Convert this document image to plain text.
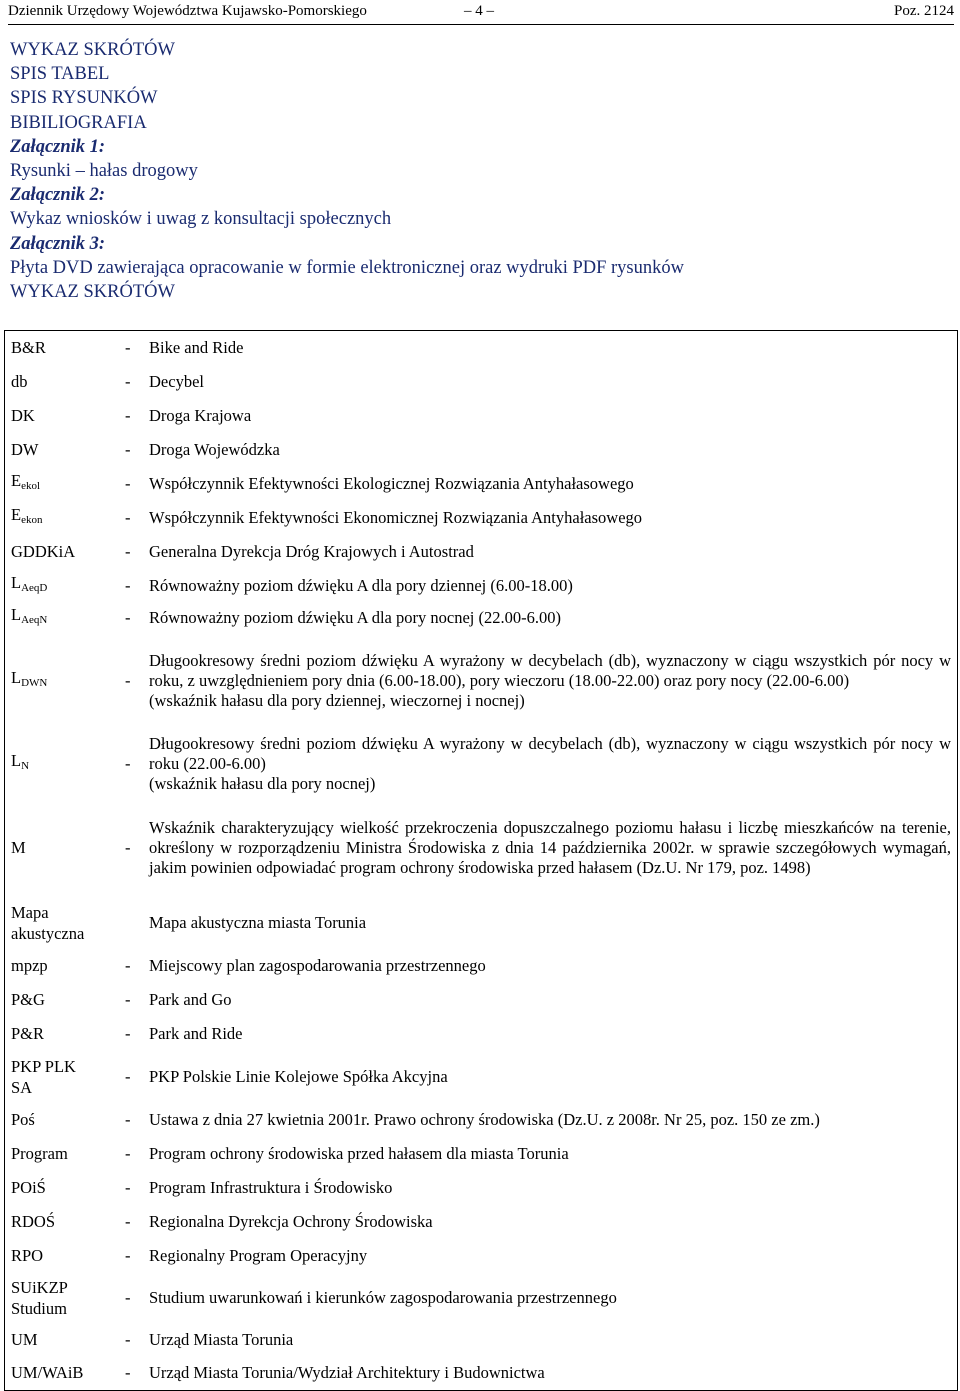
Dziennik Urzędowy Województwa Kujawsko-Pomorskiego	– 4 –	Poz. 2124
WYKAZ SKRÓTÓW
SPIS TABEL
SPIS RYSUNKÓW
BIBILIOGRAFIA
Załącznik 1:
Rysunki – hałas drogowy
Załącznik 2:
Wykaz wniosków i uwag z konsultacji społecznych
Załącznik 3:
Płyta DVD zawierająca opracowanie w formie elektronicznej oraz wydruki PDF rysunków
WYKAZ SKRÓTÓW
B&R	-	Bike and Ride

db	-	Decybel

DK	-	Droga Krajowa

DW	-	Droga Wojewódzka

$E_{ekol}$	-	Współczynnik Efektywności Ekologicznej Rozwiązania Antyhałasowego

$E_{ekon}$	-	Współczynnik Efektywności Ekonomicznej Rozwiązania Antyhałasowego

GDDKiA	-	Generalna Dyrekcja Dróg Krajowych i Autostrad

$L_{AeqD}$	-	Równoważny poziom dźwięku A dla pory dziennej (6.00-18.00)

$L_{AeqN}$	-	Równoważny poziom dźwięku A dla pory nocnej (22.00-6.00)

$L_{DWN}$	-	Długookresowy średni poziom dźwięku A wyrażony w decybelach (db), wyznaczony w ciągu wszystkich pór nocy w roku, z uwzględnieniem pory dnia (6.00-18.00), pory wieczoru (18.00-22.00) oraz pory nocy (22.00-6.00)
(wskaźnik hałasu dla pory dziennej, wieczornej i nocnej)

$L_N$	-	Długookresowy średni poziom dźwięku A wyrażony w decybelach (db), wyznaczony w ciągu wszystkich pór nocy w roku (22.00-6.00)
(wskaźnik hałasu dla pory nocnej)

M	-	Wskaźnik charakteryzujący wielkość przekroczenia dopuszczalnego poziomu hałasu i liczbę mieszkańców na terenie, określony w rozporządzeniu Ministra Środowiska z dnia 14 października 2002r. w sprawie szczegółowych wymagań, jakim powinien odpowiadać program ochrony środowiska przed hałasem (Dz.U. Nr 179, poz. 1498)

Mapa akustyczna		Mapa akustyczna miasta Torunia

mpzp	-	Miejscowy plan zagospodarowania przestrzennego

P&G	-	Park and Go

P&R	-	Park and Ride

PKP PLK SA	-	PKP Polskie Linie Kolejowe Spółka Akcyjna

Poś	-	Ustawa z dnia 27 kwietnia 2001r. Prawo ochrony środowiska (Dz.U. z 2008r. Nr 25, poz. 150 ze zm.)

Program	-	Program ochrony środowiska przed hałasem dla miasta Torunia

POiŚ	-	Program Infrastruktura i Środowisko

RDOŚ	-	Regionalna Dyrekcja Ochrony Środowiska

RPO	-	Regionalny Program Operacyjny

SUiKZP Studium	-	Studium uwarunkowań i kierunków zagospodarowania przestrzennego

UM	-	Urząd Miasta Torunia

UM/WAiB	-	Urząd Miasta Torunia/Wydział Architektury i Budownictwa
